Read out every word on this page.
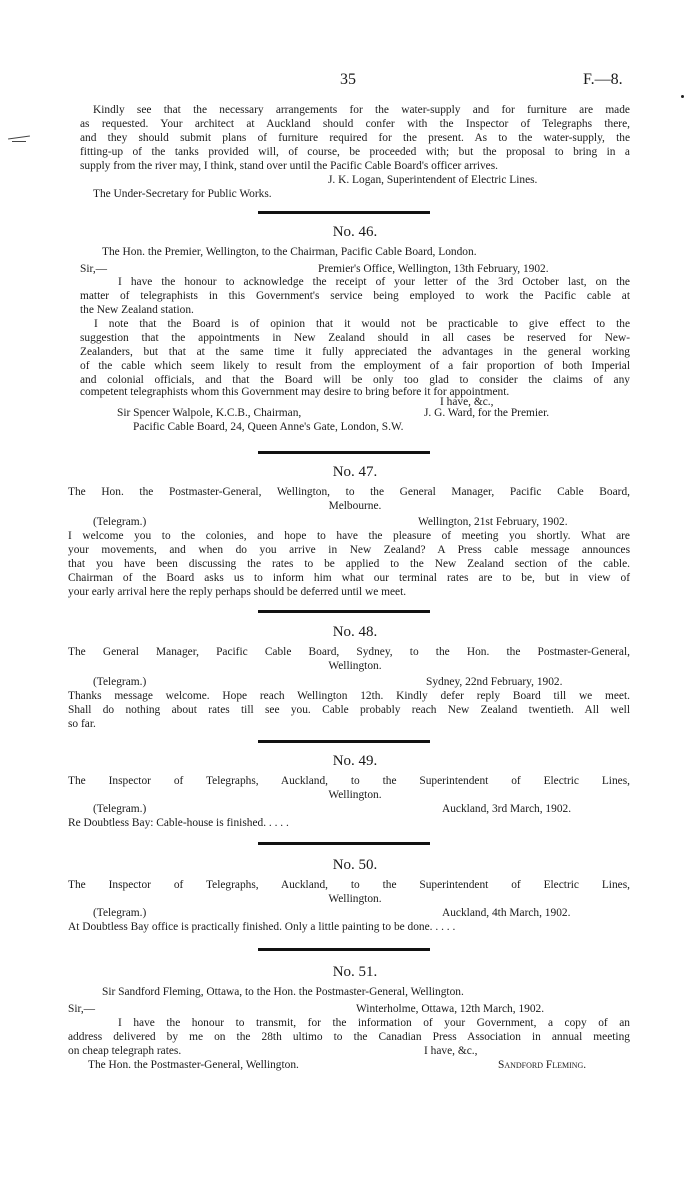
35	F.—8.
Kindly see that the necessary arrangements for the water-supply and for furniture are made
as requested. Your architect at Auckland should confer with the Inspector of Telegraphs there,
and they should submit plans of furniture required for the present. As to the water-supply, the
fitting-up of the tanks provided will, of course, be proceeded with; but the proposal to bring in a
supply from the river may, I think, stand over until the Pacific Cable Board's officer arrives.
J. K. Logan, Superintendent of Electric Lines.
The Under-Secretary for Public Works.
No. 46.
The Hon. the Premier, Wellington, to the Chairman, Pacific Cable Board, London.
Sir,—	Premier's Office, Wellington, 13th February, 1902.
I have the honour to acknowledge the receipt of your letter of the 3rd October last, on the
matter of telegraphists in this Government's service being employed to work the Pacific cable at
the New Zealand station.
I note that the Board is of opinion that it would not be practicable to give effect to the
suggestion that the appointments in New Zealand should in all cases be reserved for New-
Zealanders, but that at the same time it fully appreciated the advantages in the general working
of the cable which seem likely to result from the employment of a fair proportion of both Imperial
and colonial officials, and that the Board will be only too glad to consider the claims of any
competent telegraphists whom this Government may desire to bring before it for appointment.
I have, &c.,
Sir Spencer Walpole, K.C.B., Chairman,	J. G. Ward, for the Premier.
Pacific Cable Board, 24, Queen Anne's Gate, London, S.W.
No. 47.
The Hon. the Postmaster-General, Wellington, to the General Manager, Pacific Cable Board,
Melbourne.
(Telegram.)	Wellington, 21st February, 1902.
I welcome you to the colonies, and hope to have the pleasure of meeting you shortly. What are
your movements, and when do you arrive in New Zealand? A Press cable message announces
that you have been discussing the rates to be applied to the New Zealand section of the cable.
Chairman of the Board asks us to inform him what our terminal rates are to be, but in view of
your early arrival here the reply perhaps should be deferred until we meet.
No. 48.
The General Manager, Pacific Cable Board, Sydney, to the Hon. the Postmaster-General,
Wellington.
(Telegram.)	Sydney, 22nd February, 1902.
Thanks message welcome. Hope reach Wellington 12th. Kindly defer reply Board till we meet.
Shall do nothing about rates till see you. Cable probably reach New Zealand twentieth. All well
so far.
No. 49.
The Inspector of Telegraphs, Auckland, to the Superintendent of Electric Lines,
Wellington.
(Telegram.)	Auckland, 3rd March, 1902.
Re Doubtless Bay: Cable-house is finished. . . . .
No. 50.
The Inspector of Telegraphs, Auckland, to the Superintendent of Electric Lines,
Wellington.
(Telegram.)	Auckland, 4th March, 1902.
At Doubtless Bay office is practically finished. Only a little painting to be done. . . . .
No. 51.
Sir Sandford Fleming, Ottawa, to the Hon. the Postmaster-General, Wellington.
Sir,—	Winterholme, Ottawa, 12th March, 1902.
I have the honour to transmit, for the information of your Government, a copy of an
address delivered by me on the 28th ultimo to the Canadian Press Association in annual meeting
on cheap telegraph rates.	I have, &c.,
The Hon. the Postmaster-General, Wellington.	Sandford Fleming.
